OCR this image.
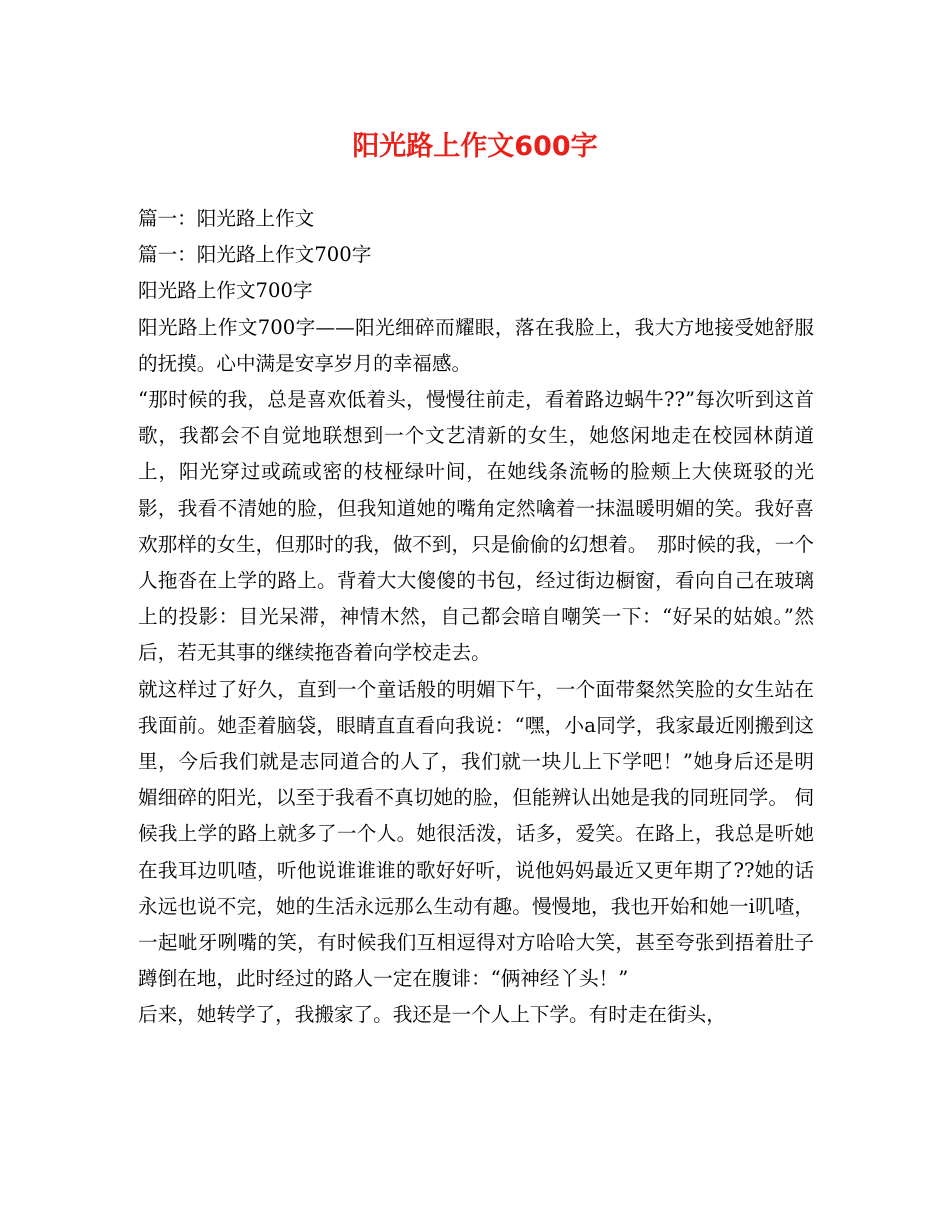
阳光路上作文600字

篇一：阳光路上作文

篇一：阳光路上作文700字

阳光路上作文700字

阳光路上作文700字——阳光细碎而耀眼，落在我脸上，我大方地接受她舒服的抚摸。心中满是安享岁月的幸福感。

“那时候的我，总是喜欢低着头，慢慢往前走，看着路边蜗牛??”每次听到这首歌，我都会不自觉地联想到一个文艺清新的女生，她悠闲地走在校园林荫道上，阳光穿过或疏或密的枝桠绿叶间，在她线条流畅的脸颊上大侠斑驳的光影，我看不清她的脸，但我知道她的嘴角定然噙着一抹温暖明媚的笑。我好喜欢那样的女生，但那时的我，做不到，只是偷偷的幻想着。　那时候的我，一个人拖沓在上学的路上。背着大大傻傻的书包，经过街边橱窗，看向自己在玻璃上的投影：目光呆滞，神情木然，自己都会暗自嘲笑一下：“好呆的姑娘。”然后，若无其事的继续拖沓着向学校走去。

就这样过了好久，直到一个童话般的明媚下午，一个面带粲然笑脸的女生站在我面前。她歪着脑袋，眼睛直直看向我说：“嘿，小a同学，我家最近刚搬到这里，今后我们就是志同道合的人了，我们就一块儿上下学吧！”她身后还是明媚细碎的阳光，以至于我看不真切她的脸，但能辨认出她是我的同班同学。 伺候我上学的路上就多了一个人。她很活泼，话多，爱笑。在路上，我总是听她在我耳边叽喳，听他说谁谁谁的歌好好听，说他妈妈最近又更年期了??她的话永远也说不完，她的生活永远那么生动有趣。慢慢地，我也开始和她一i叽喳，一起呲牙咧嘴的笑，有时候我们互相逗得对方哈哈大笑，甚至夸张到捂着肚子蹲倒在地，此时经过的路人一定在腹诽：“俩神经丫头！”

后来，她转学了，我搬家了。我还是一个人上下学。有时走在街头，
